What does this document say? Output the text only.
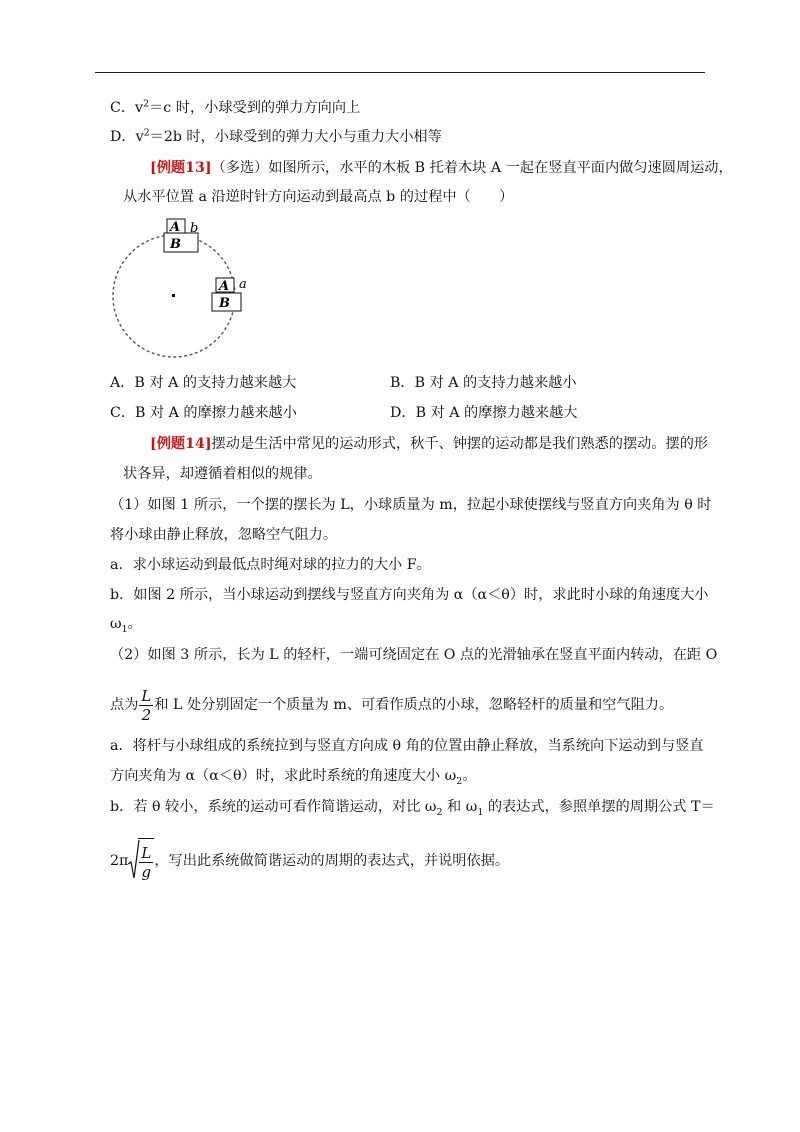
C．$v^2=c$ 时，小球受到的弹力方向向上
D．$v^2=2b$ 时，小球受到的弹力大小与重力大小相等
[例题13]（多选）如图所示，水平的木板 B 托着木块 A 一起在竖直平面内做匀速圆周运动，
从水平位置 a 沿逆时针方向运动到最高点 b 的过程中（　　）
A
B
b
A
B
a
A．B 对 A 的支持力越来越大	B．B 对 A 的支持力越来越小
C．B 对 A 的摩擦力越来越小	D．B 对 A 的摩擦力越来越大
[例题14]摆动是生活中常见的运动形式，秋千、钟摆的运动都是我们熟悉的摆动。摆的形
状各异，却遵循着相似的规律。
（1）如图 1 所示，一个摆的摆长为 L，小球质量为 m，拉起小球使摆线与竖直方向夹角为 θ 时
将小球由静止释放，忽略空气阻力。
a．求小球运动到最低点时绳对球的拉力的大小 F。
b．如图 2 所示，当小球运动到摆线与竖直方向夹角为 α（α＜θ）时，求此时小球的角速度大小
$\omega_1$。
（2）如图 3 所示，长为 L 的轻杆，一端可绕固定在 O 点的光滑轴承在竖直平面内转动，在距 O
点为 $\frac{L}{2}$ 和 L 处分别固定一个质量为 m、可看作质点的小球，忽略轻杆的质量和空气阻力。
a．将杆与小球组成的系统拉到与竖直方向成 θ 角的位置由静止释放，当系统向下运动到与竖直
方向夹角为 α（α＜θ）时，求此时系统的角速度大小 $\omega_2$。
b．若 θ 较小，系统的运动可看作简谐运动，对比 $\omega_2$ 和 $\omega_1$ 的表达式，参照单摆的周期公式 T＝
$2\pi \frac{L}{g}$ ，写出此系统做简谐运动的周期的表达式，并说明依据。
